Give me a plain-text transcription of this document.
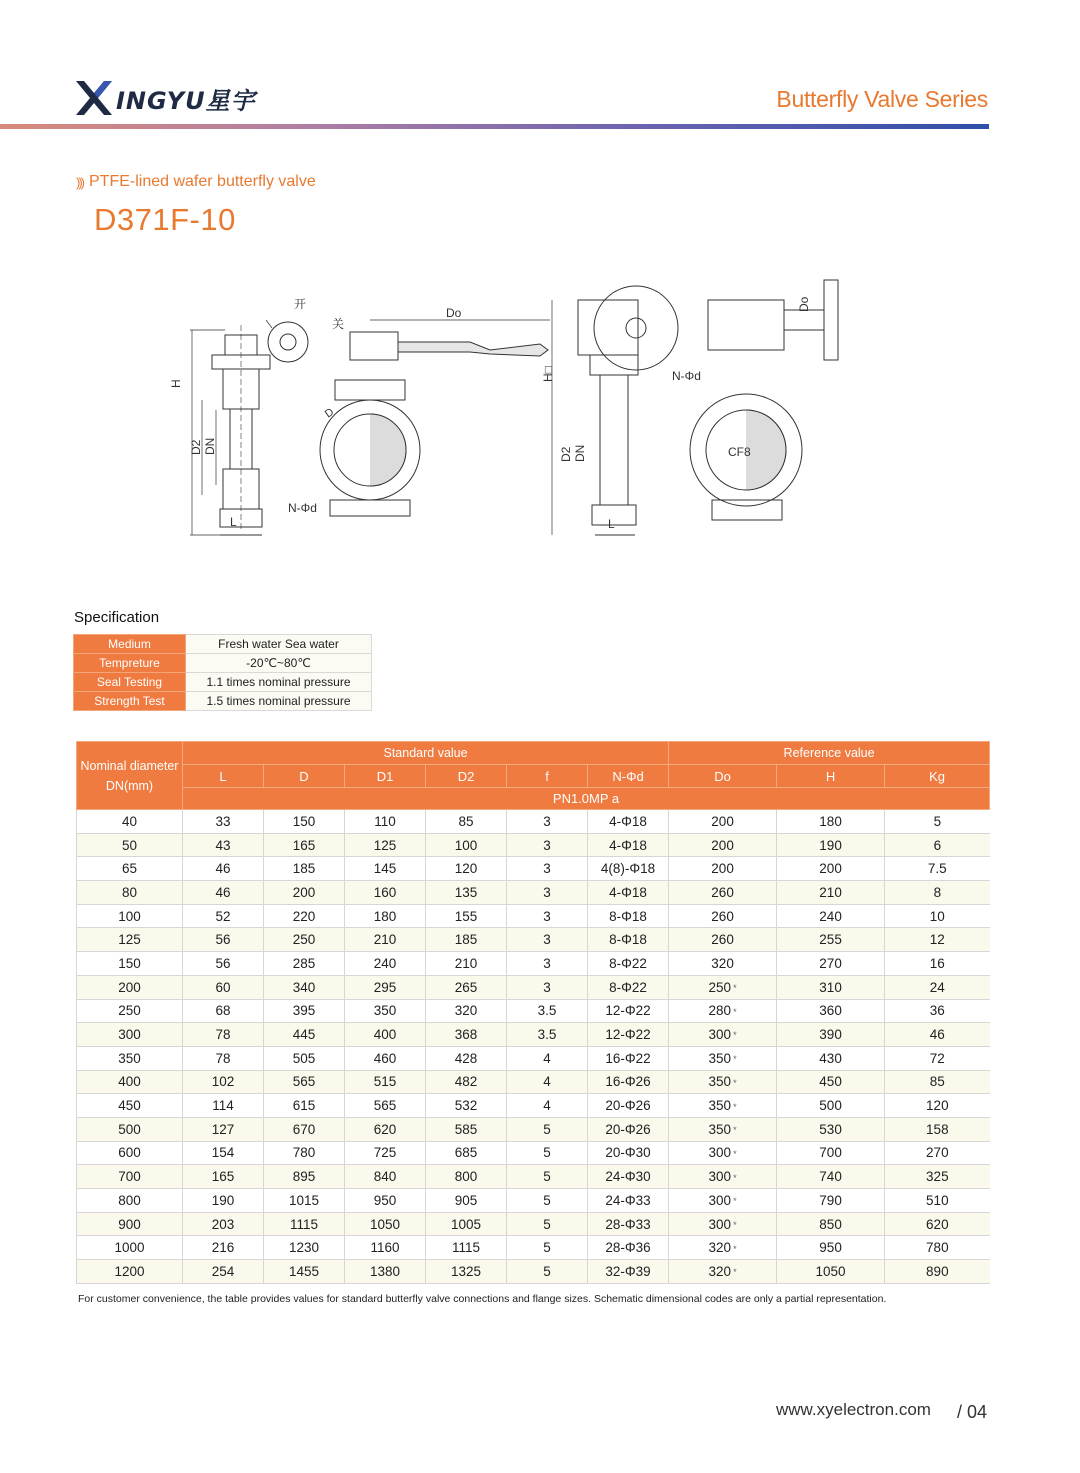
INGYU星宇	Butterfly Valve Series
))) PTFE-lined wafer butterfly valve
D371F-10
H
D2 DN
L
开
关
Do
N-Φd
D
H□
D2 DN
L
Do
N-Φd
CF8
Specification
Medium	Fresh water Sea water
Tempreture	-20℃~80℃
Seal Testing	1.1 times nominal pressure
Strength Test	1.5 times nominal pressure
Nominal diameter DN(mm)	Standard value						Reference value		
	L	D	D1	D2	f	N-Φd	Do	H	Kg
	PN1.0MP a								
40	33	150	110	85	3	4-Φ18	200	180	5
50	43	165	125	100	3	4-Φ18	200	190	6
65	46	185	145	120	3	4(8)-Φ18	200	200	7.5
80	46	200	160	135	3	4-Φ18	260	210	8
100	52	220	180	155	3	8-Φ18	260	240	10
125	56	250	210	185	3	8-Φ18	260	255	12
150	56	285	240	210	3	8-Φ22	320	270	16
200	60	340	295	265	3	8-Φ22	250 *	310	24
250	68	395	350	320	3.5	12-Φ22	280 *	360	36
300	78	445	400	368	3.5	12-Φ22	300 *	390	46
350	78	505	460	428	4	16-Φ22	350 *	430	72
400	102	565	515	482	4	16-Φ26	350 *	450	85
450	114	615	565	532	4	20-Φ26	350 *	500	120
500	127	670	620	585	5	20-Φ26	350 *	530	158
600	154	780	725	685	5	20-Φ30	300 *	700	270
700	165	895	840	800	5	24-Φ30	300 *	740	325
800	190	1015	950	905	5	24-Φ33	300 *	790	510
900	203	1115	1050	1005	5	28-Φ33	300 *	850	620
1000	216	1230	1160	1115	5	28-Φ36	320 *	950	780
1200	254	1455	1380	1325	5	32-Φ39	320 *	1050	890
For customer convenience, the table provides values for standard butterfly valve connections and flange sizes. Schematic dimensional codes are only a partial representation.
www.xyelectron.com / 04
